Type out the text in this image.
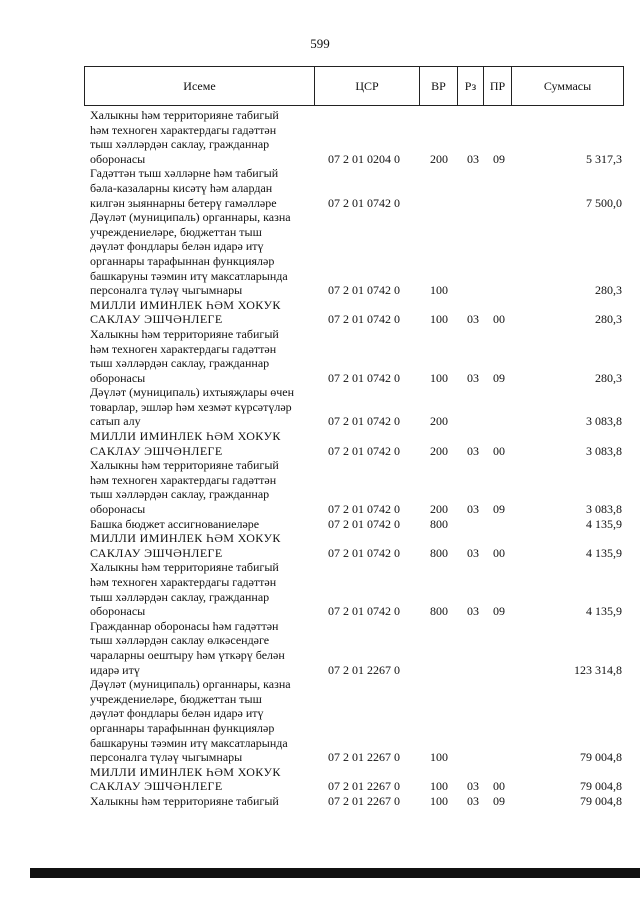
599
Исеме	ЦСР	ВР	Рз	ПР	Суммасы
Халыкны һәм территорияне табигый
һәм техноген характердагы гадәттән
тыш хәлләрдән саклау, гражданнар
оборонасы	07 2 01 0204 0	200 03 09	5 317,3
Гадәттән тыш хәлләрне һәм табигый
бәла-казаларны кисәтү һәм алардан
килгән зыяннарны бетерү гамәлләре	07 2 01 0742 0	7 500,0
Дәүләт (муниципаль) органнары, казна
учреждениеләре, бюджеттан тыш
дәүләт фондлары белән идарә итү
органнары тарафыннан функцияләр
башкаруны тәэмин итү максатларында
персоналга түләү чыгымнары	07 2 01 0742 0	100	280,3
МИЛЛИ ИМИНЛЕК ҺӘМ ХОКУК
САКЛАУ ЭШЧӘНЛЕГЕ	07 2 01 0742 0	100 03 00	280,3
Халыкны һәм территорияне табигый
һәм техноген характердагы гадәттән
тыш хәлләрдән саклау, гражданнар
оборонасы	07 2 01 0742 0	100 03 09	280,3
Дәүләт (муниципаль) ихтыяҗлары өчен
товарлар, эшләр һәм хезмәт күрсәтүләр
сатып алу	07 2 01 0742 0	200	3 083,8
МИЛЛИ ИМИНЛЕК ҺӘМ ХОКУК
САКЛАУ ЭШЧӘНЛЕГЕ	07 2 01 0742 0	200 03 00	3 083,8
Халыкны һәм территорияне табигый
һәм техноген характердагы гадәттән
тыш хәлләрдән саклау, гражданнар
оборонасы	07 2 01 0742 0	200 03 09	3 083,8
Башка бюджет ассигнованиеләре	07 2 01 0742 0	800	4 135,9
МИЛЛИ ИМИНЛЕК ҺӘМ ХОКУК
САКЛАУ ЭШЧӘНЛЕГЕ	07 2 01 0742 0	800 03 00	4 135,9
Халыкны һәм территорияне табигый
һәм техноген характердагы гадәттән
тыш хәлләрдән саклау, гражданнар
оборонасы	07 2 01 0742 0	800 03 09	4 135,9
Гражданнар оборонасы һәм гадәттән
тыш хәлләрдән саклау өлкәсендәге
чараларны оештыру һәм үткәрү белән
идарә итү	07 2 01 2267 0	123 314,8
Дәүләт (муниципаль) органнары, казна
учреждениеләре, бюджеттан тыш
дәүләт фондлары белән идарә итү
органнары тарафыннан функцияләр
башкаруны тәэмин итү максатларында
персоналга түләү чыгымнары	07 2 01 2267 0	100	79 004,8
МИЛЛИ ИМИНЛЕК ҺӘМ ХОКУК
САКЛАУ ЭШЧӘНЛЕГЕ	07 2 01 2267 0	100 03 00	79 004,8
Халыкны һәм территорияне табигый	07 2 01 2267 0	100 03 09	79 004,8
